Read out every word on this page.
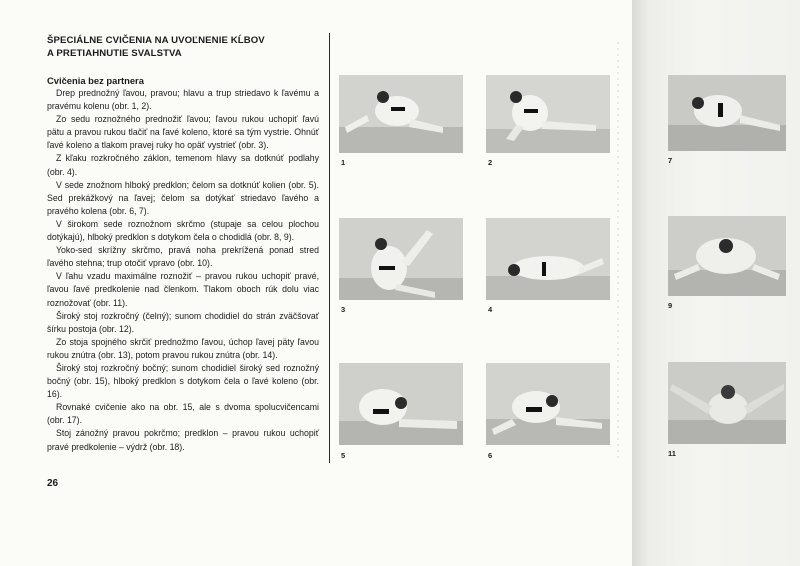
ŠPECIÁLNE CVIČENIA NA UVOĽNENIE KĹBOV
A PRETIAHNUTIE SVALSTVA
Cvičenia bez partnera

Drep prednožný ľavou, pravou; hlavu a trup striedavo k ľavému a pravému kolenu (obr. 1, 2).

Zo sedu roznožného prednožiť ľavou; ľavou rukou uchopiť ľavú pätu a pravou rukou tlačiť na ľavé koleno, ktoré sa tým vystrie. Ohnúť ľavé koleno a tlakom pravej ruky ho opäť vystrieť (obr. 3).

Z kľaku rozkročného záklon, temenom hlavy sa dotknúť podlahy (obr. 4).

V sede znožnom hlboký predklon; čelom sa dotknúť kolien (obr. 5). Sed prekážkový na ľavej; čelom sa dotýkať striedavo ľavého a pravého kolena (obr. 6, 7).

V širokom sede roznožnom skrčmo (stupaje sa celou plochou dotýkajú), hlboký predklon s dotykom čela o chodidlá (obr. 8, 9).

Yoko-sed skrížny skrčmo, pravá noha prekrížená ponad stred ľavého stehna; trup otočiť vpravo (obr. 10).

V ľahu vzadu maximálne roznožiť – pravou rukou uchopiť pravé, ľavou ľavé predkolenie nad členkom. Tlakom oboch rúk dolu viac roznožovať (obr. 11).

Široký stoj rozkročný (čelný); sunom chodidiel do strán zväčšovať šírku postoja (obr. 12).

Zo stoja spojného skrčiť prednožmo ľavou, úchop ľavej päty ľavou rukou znútra (obr. 13), potom pravou rukou znútra (obr. 14).

Široký stoj rozkročný bočný; sunom chodidiel široký sed roznožný bočný (obr. 15), hlboký predklon s dotykom čela o ľavé koleno (obr. 16).

Rovnaké cvičenie ako na obr. 15, ale s dvoma spolucvičencami (obr. 17).

Stoj zánožný pravou pokrčmo; predklon – pravou rukou uchopiť pravé predkolenie – výdrž (obr. 18).

26
1	2
3	4
5	6
7
9
11
